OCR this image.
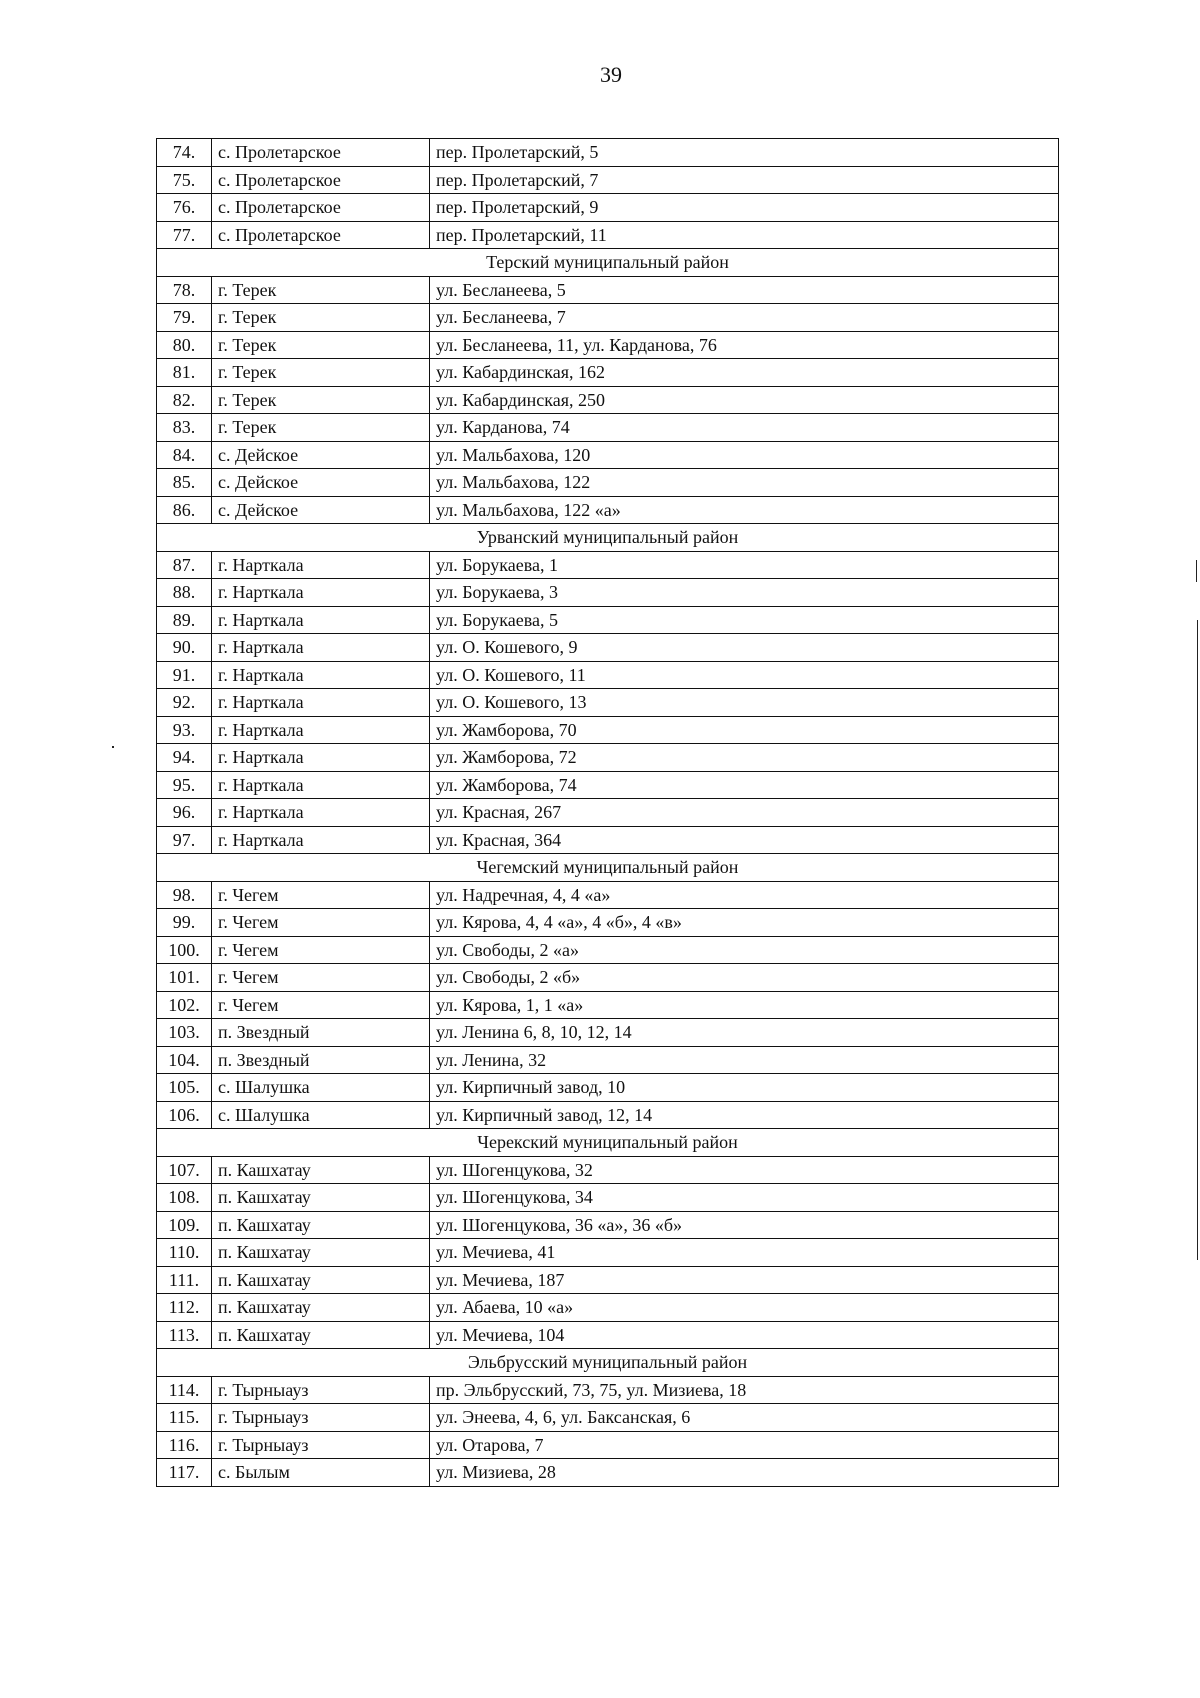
39
74.	с. Пролетарское	пер. Пролетарский, 5
75.	с. Пролетарское	пер. Пролетарский, 7
76.	с. Пролетарское	пер. Пролетарский, 9
77.	с. Пролетарское	пер. Пролетарский, 11
Терский муниципальный район		
78.	г. Терек	ул. Бесланеева, 5
79.	г. Терек	ул. Бесланеева, 7
80.	г. Терек	ул. Бесланеева, 11, ул. Карданова, 76
81.	г. Терек	ул. Кабардинская, 162
82.	г. Терек	ул. Кабардинская, 250
83.	г. Терек	ул. Карданова, 74
84.	с. Дейское	ул. Мальбахова, 120
85.	с. Дейское	ул. Мальбахова, 122
86.	с. Дейское	ул. Мальбахова, 122 «а»
Урванский муниципальный район		
87.	г. Нарткала	ул. Борукаева, 1
88.	г. Нарткала	ул. Борукаева, 3
89.	г. Нарткала	ул. Борукаева, 5
90.	г. Нарткала	ул. О. Кошевого, 9
91.	г. Нарткала	ул. О. Кошевого, 11
92.	г. Нарткала	ул. О. Кошевого, 13
93.	г. Нарткала	ул. Жамборова, 70
94.	г. Нарткала	ул. Жамборова, 72
95.	г. Нарткала	ул. Жамборова, 74
96.	г. Нарткала	ул. Красная, 267
97.	г. Нарткала	ул. Красная, 364
Чегемский муниципальный район		
98.	г. Чегем	ул. Надречная, 4, 4 «а»
99.	г. Чегем	ул. Кярова, 4, 4 «а», 4 «б», 4 «в»
100.	г. Чегем	ул. Свободы, 2 «а»
101.	г. Чегем	ул. Свободы, 2 «б»
102.	г. Чегем	ул. Кярова, 1, 1 «а»
103.	п. Звездный	ул. Ленина 6, 8, 10, 12, 14
104.	п. Звездный	ул. Ленина, 32
105.	с. Шалушка	ул. Кирпичный завод, 10
106.	с. Шалушка	ул. Кирпичный завод, 12, 14
Черекский муниципальный район		
107.	п. Кашхатау	ул. Шогенцукова, 32
108.	п. Кашхатау	ул. Шогенцукова, 34
109.	п. Кашхатау	ул. Шогенцукова, 36 «а», 36 «б»
110.	п. Кашхатау	ул. Мечиева, 41
111.	п. Кашхатау	ул. Мечиева, 187
112.	п. Кашхатау	ул. Абаева, 10 «а»
113.	п. Кашхатау	ул. Мечиева, 104
Эльбрусский муниципальный район		
114.	г. Тырныауз	пр. Эльбрусский, 73, 75, ул. Мизиева, 18
115.	г. Тырныауз	ул. Энеева, 4, 6, ул. Баксанская, 6
116.	г. Тырныауз	ул. Отарова, 7
117.	с. Былым	ул. Мизиева, 28
